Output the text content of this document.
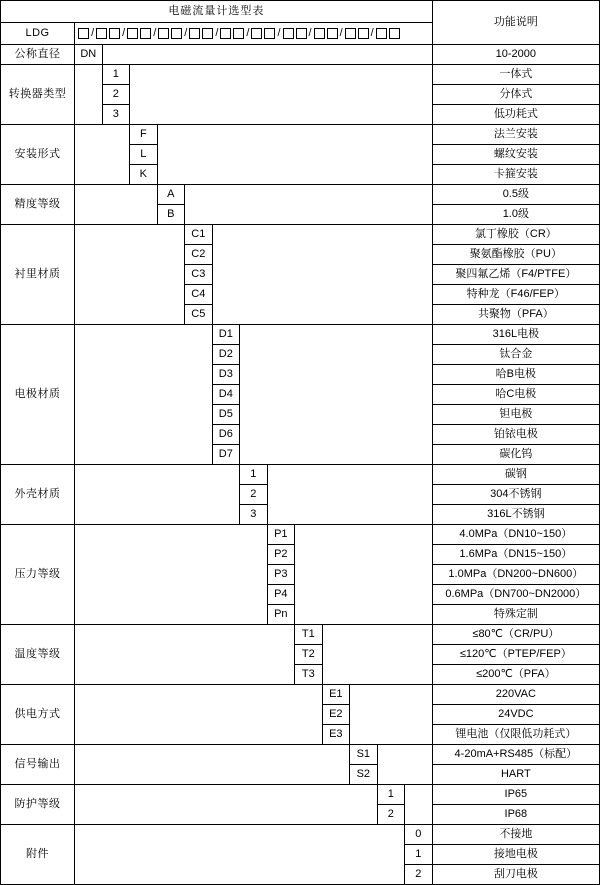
电磁流量计选型表														功能说明
LDG	/	/	/	/	/	/	/	/	/	/

公称直径	DN													10-2000
转换器类型		1												一体式
		2												分体式
		3												低功耗式
安装形式			F											法兰安装
			L											螺纹安装
			K											卡箍安装
精度等级				A										0.5级
				B										1.0级
衬里材质					C1									氯丁橡胶（CR）
					C2									聚氨酯橡胶（PU）
					C3									聚四氟乙烯（F4/PTFE）
					C4									特种龙（F46/FEP）
					C5									共聚物（PFA）
电极材质						D1								316L电极
						D2								钛合金
						D3								哈B电极
						D4								哈C电极
						D5								钽电极
						D6								铂铱电极
						D7								碳化钨
外壳材质							1							碳钢
							2							304不锈钢
							3							316L不锈钢
压力等级								P1						4.0MPa（DN10~150）
								P2						1.6MPa（DN15~150）
								P3						1.0MPa（DN200~DN600）
								P4						0.6MPa（DN700~DN2000）
								Pn						特殊定制
温度等级									T1					≤80℃（CR/PU）
									T2					≤120℃（PTEP/FEP）
									T3					≤200℃（PFA）
供电方式										E1				220VAC
										E2				24VDC
										E3				锂电池（仅限低功耗式）
信号输出											S1			4-20mA+RS485（标配）
											S2			HART
防护等级												1		IP65
												2		IP68
附件													0	不接地
													1	接地电极
													2	刮刀电极
